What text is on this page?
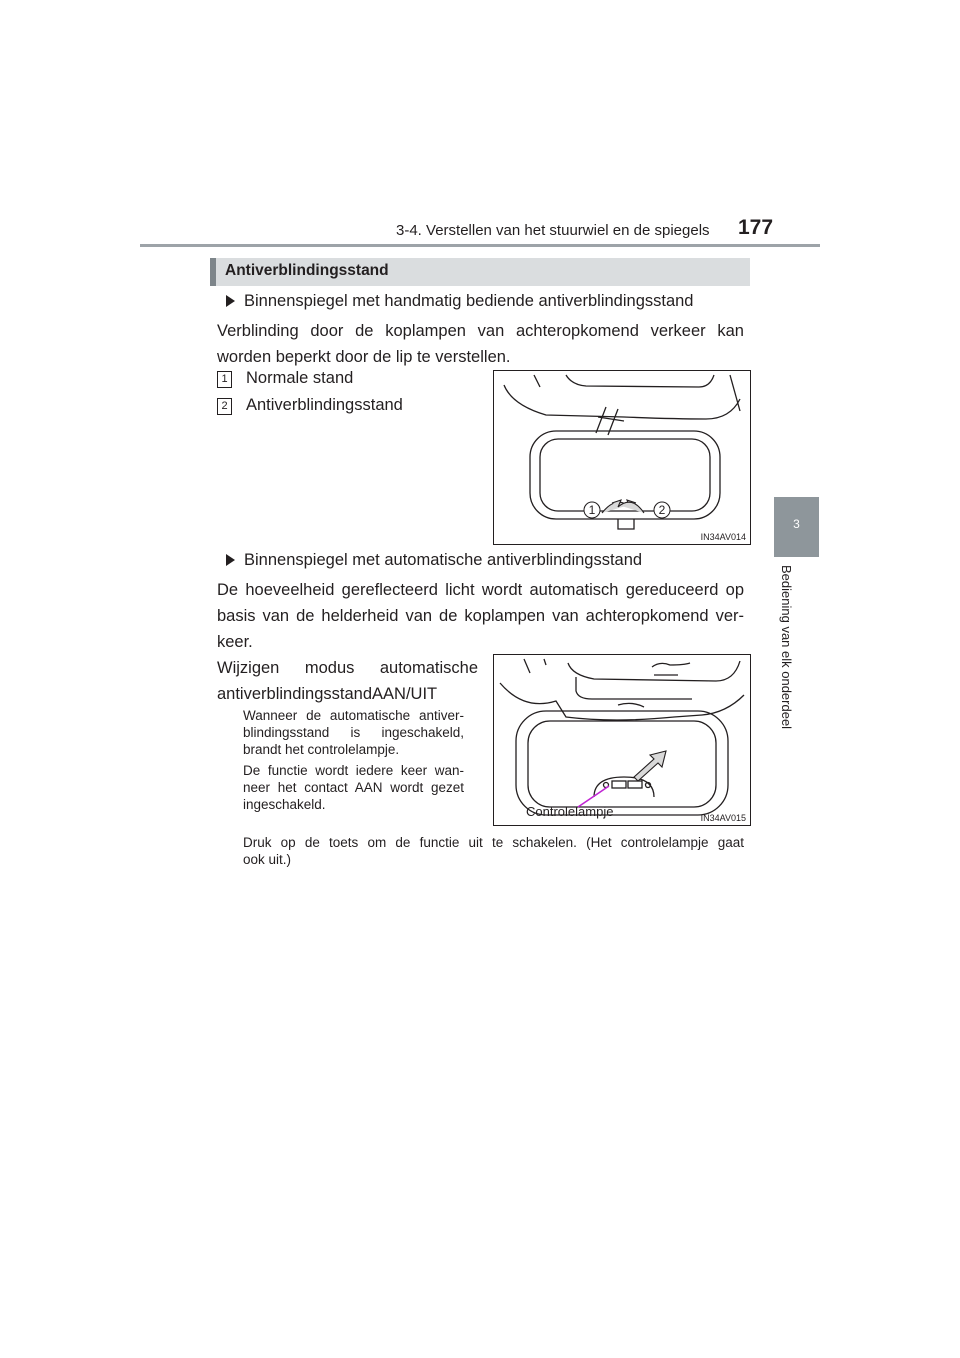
3-4. Verstellen van het stuurwiel en de spiegels 177
3
Bediening van elk onderdeel
Antiverblindingsstand
Binnenspiegel met handmatig bediende antiverblindingsstand
Verblinding door de koplampen van achteropkomend verkeer kan
worden beperkt door de lip te verstellen.
1 Normale stand
2 Antiverblindingsstand
1	2
IN34AV014
Binnenspiegel met automatische antiverblindingsstand
De hoeveelheid gereflecteerd licht wordt automatisch gereduceerd op
basis van de helderheid van de koplampen van achteropkomend ver-
keer.
Wijzigen modus automatische
antiverblindingsstandAAN/UIT
Wanneer de automatische antiver-
blindingsstand is ingeschakeld,
brandt het controlelampje.
De functie wordt iedere keer wan-
neer het contact AAN wordt gezet
ingeschakeld.
Druk op de toets om de functie uit te schakelen. (Het controlelampje gaat
ook uit.)
Controlelampje	IN34AV015
